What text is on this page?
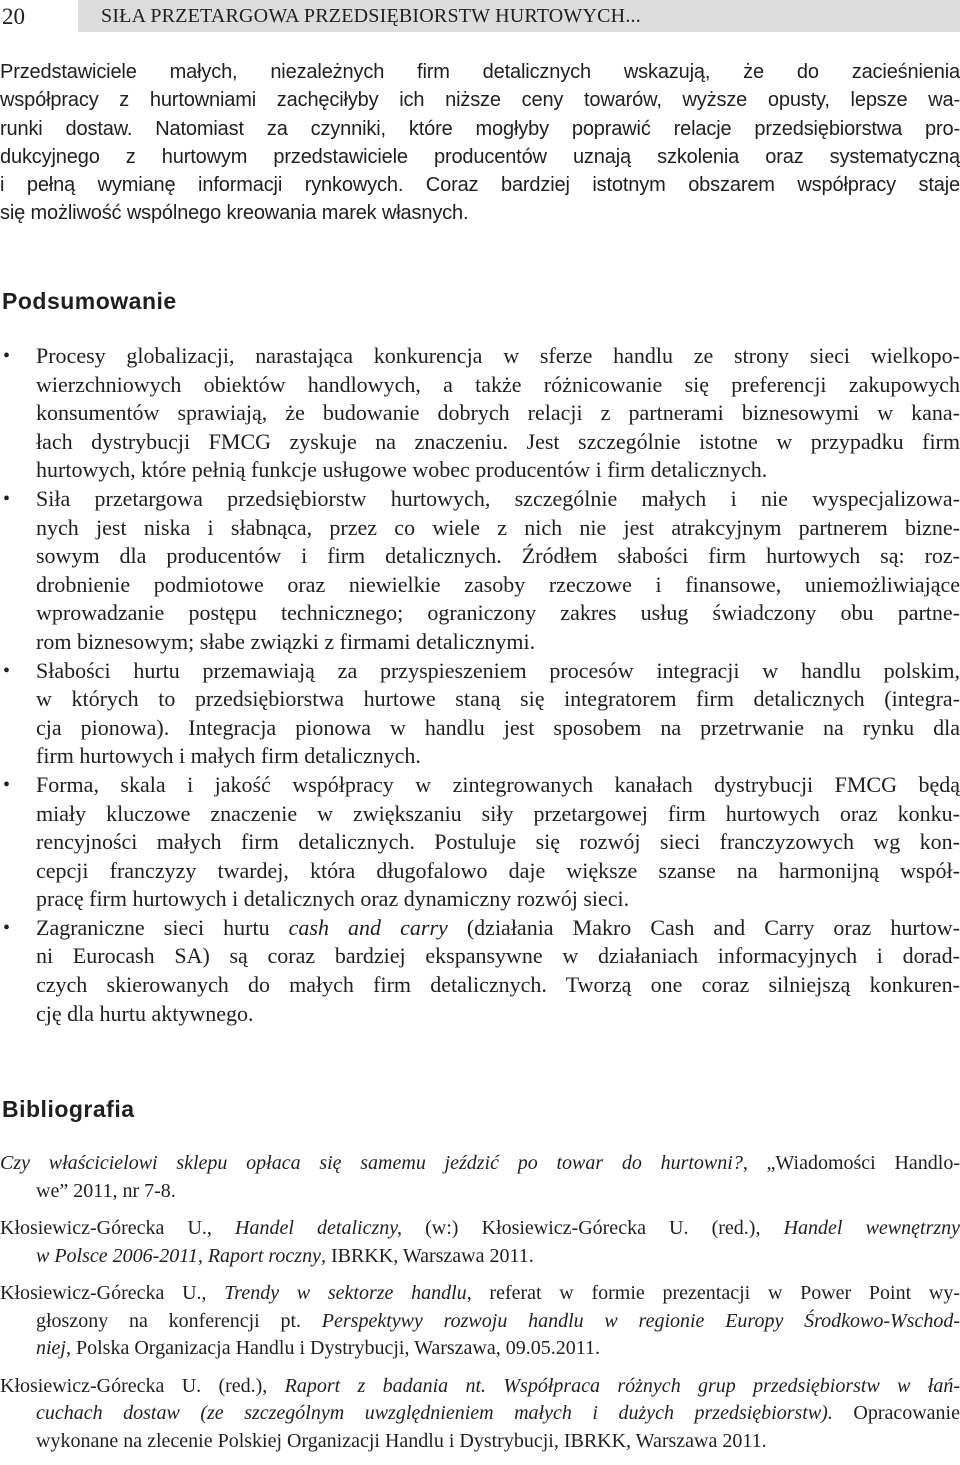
20	SIŁA PRZETARGOWA PRZEDSIĘBIORSTW HURTOWYCH...
Przedstawiciele małych, niezależnych firm detalicznych wskazują, że do zacieśnienia
współpracy z hurtowniami zachęciłyby ich niższe ceny towarów, wyższe opusty, lepsze wa-
runki dostaw. Natomiast za czynniki, które mogłyby poprawić relacje przedsiębiorstwa pro-
dukcyjnego z hurtowym przedstawiciele producentów uznają szkolenia oraz systematyczną
i pełną wymianę informacji rynkowych. Coraz bardziej istotnym obszarem współpracy staje
się możliwość wspólnego kreowania marek własnych.
Podsumowanie
• Procesy globalizacji, narastająca konkurencja w sferze handlu ze strony sieci wielkopo-
wierzchniowych obiektów handlowych, a także różnicowanie się preferencji zakupowych
konsumentów sprawiają, że budowanie dobrych relacji z partnerami biznesowymi w kana-
łach dystrybucji FMCG zyskuje na znaczeniu. Jest szczególnie istotne w przypadku firm
hurtowych, które pełnią funkcje usługowe wobec producentów i firm detalicznych.
• Siła przetargowa przedsiębiorstw hurtowych, szczególnie małych i nie wyspecjalizowa-
nych jest niska i słabnąca, przez co wiele z nich nie jest atrakcyjnym partnerem bizne-
sowym dla producentów i firm detalicznych. Źródłem słabości firm hurtowych są: roz-
drobnienie podmiotowe oraz niewielkie zasoby rzeczowe i finansowe, uniemożliwiające
wprowadzanie postępu technicznego; ograniczony zakres usług świadczony obu partne-
rom biznesowym; słabe związki z firmami detalicznymi.
• Słabości hurtu przemawiają za przyspieszeniem procesów integracji w handlu polskim,
w których to przedsiębiorstwa hurtowe staną się integratorem firm detalicznych (integra-
cja pionowa). Integracja pionowa w handlu jest sposobem na przetrwanie na rynku dla
firm hurtowych i małych firm detalicznych.
• Forma, skala i jakość współpracy w zintegrowanych kanałach dystrybucji FMCG będą
miały kluczowe znaczenie w zwiększaniu siły przetargowej firm hurtowych oraz konku-
rencyjności małych firm detalicznych. Postuluje się rozwój sieci franczyzowych wg kon-
cepcji franczyzy twardej, która długofalowo daje większe szanse na harmonijną współ-
pracę firm hurtowych i detalicznych oraz dynamiczny rozwój sieci.
• Zagraniczne sieci hurtu cash and carry (działania Makro Cash and Carry oraz hurtow-
ni Eurocash SA) są coraz bardziej ekspansywne w działaniach informacyjnych i dorad-
czych skierowanych do małych firm detalicznych. Tworzą one coraz silniejszą konkuren-
cję dla hurtu aktywnego.
Bibliografia
Czy właścicielowi sklepu opłaca się samemu jeździć po towar do hurtowni?, „Wiadomości Handlo-
we” 2011, nr 7-8.
Kłosiewicz-Górecka U., Handel detaliczny, (w:) Kłosiewicz-Górecka U. (red.), Handel wewnętrzny
w Polsce 2006-2011, Raport roczny, IBRKK, Warszawa 2011.
Kłosiewicz-Górecka U., Trendy w sektorze handlu, referat w formie prezentacji w Power Point wy-
głoszony na konferencji pt. Perspektywy rozwoju handlu w regionie Europy Środkowo-Wschod-
niej, Polska Organizacja Handlu i Dystrybucji, Warszawa, 09.05.2011.
Kłosiewicz-Górecka U. (red.), Raport z badania nt. Współpraca różnych grup przedsiębiorstw w łań-
cuchach dostaw (ze szczególnym uwzględnieniem małych i dużych przedsiębiorstw). Opracowanie
wykonane na zlecenie Polskiej Organizacji Handlu i Dystrybucji, IBRKK, Warszawa 2011.
